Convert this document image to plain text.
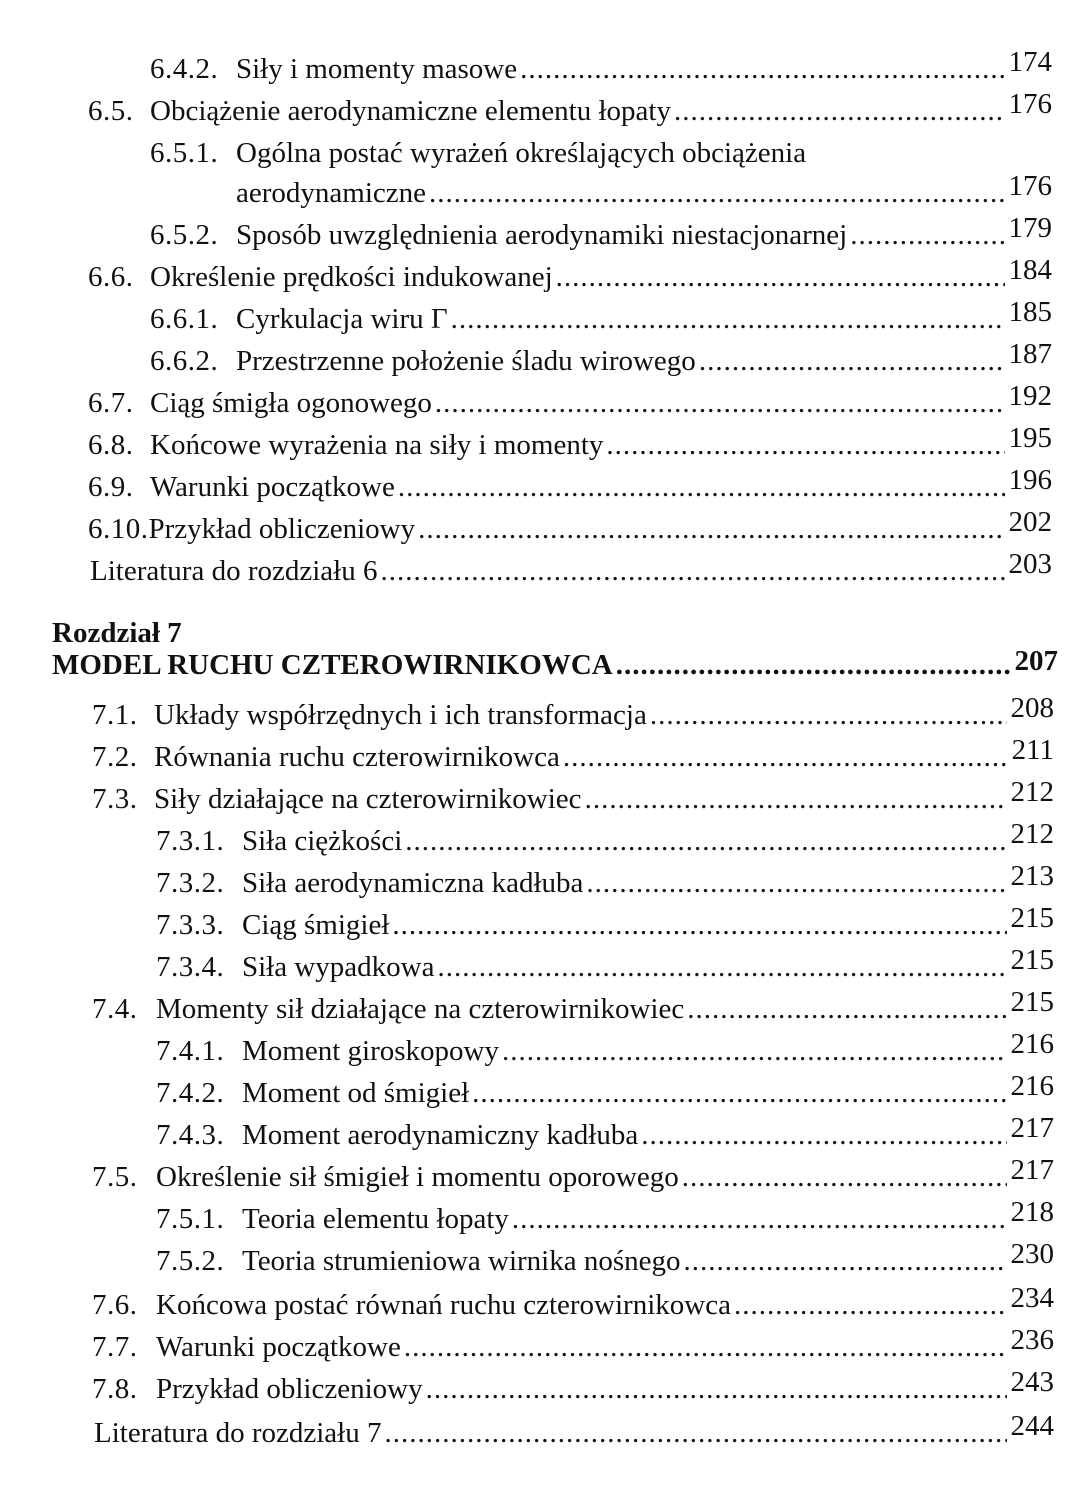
6.4.2. Siły i momenty masowe .....	174
6.5. Obciążenie aerodynamiczne elementu łopaty .....	176
6.5.1. Ogólna postać wyrażeń określających obciążenia
aerodynamiczne .....	176
6.5.2. Sposób uwzględnienia aerodynamiki niestacjonarnej .....	179
6.6. Określenie prędkości indukowanej .....	184
6.6.1. Cyrkulacja wiru Γ .....	185
6.6.2. Przestrzenne położenie śladu wirowego .....	187
6.7. Ciąg śmigła ogonowego .....	192
6.8. Końcowe wyrażenia na siły i momenty .....	195
6.9. Warunki początkowe .....	196
6.10. Przykład obliczeniowy .....	202
Literatura do rozdziału 6 .....	203
Rozdział 7
MODEL RUCHU CZTEROWIRNIKOWCA .....	207
7.1. Układy współrzędnych i ich transformacja .....	208
7.2. Równania ruchu czterowirnikowca .....	211
7.3. Siły działające na czterowirnikowiec .....	212
7.3.1. Siła ciężkości .....	212
7.3.2. Siła aerodynamiczna kadłuba .....	213
7.3.3. Ciąg śmigieł .....	215
7.3.4. Siła wypadkowa .....	215
7.4. Momenty sił działające na czterowirnikowiec .....	215
7.4.1. Moment giroskopowy .....	216
7.4.2. Moment od śmigieł .....	216
7.4.3. Moment aerodynamiczny kadłuba .....	217
7.5. Określenie sił śmigieł i momentu oporowego .....	217
7.5.1. Teoria elementu łopaty .....	218
7.5.2. Teoria strumieniowa wirnika nośnego .....	230
7.6. Końcowa postać równań ruchu czterowirnikowca .....	234
7.7. Warunki początkowe .....	236
7.8. Przykład obliczeniowy .....	243
Literatura do rozdziału 7 .....	244
